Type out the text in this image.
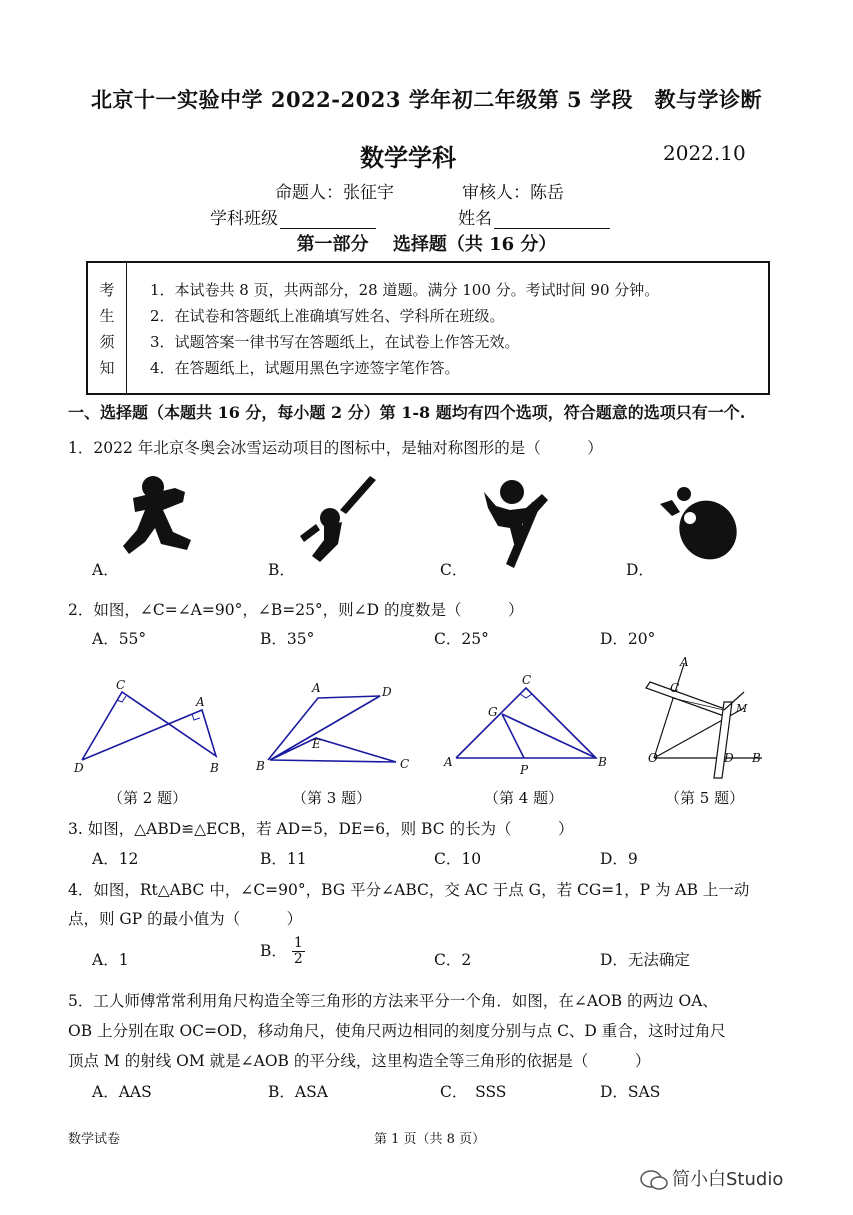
北京十一实验中学 2022-2023 学年初二年级第 5 学段　教与学诊断
数学学科	2022.10
命题人：张征宇	审核人：陈岳
学科班级	姓名
第一部分　 选择题（共 16 分）
考
生
须
知
1．本试卷共 8 页，共两部分，28 道题。满分 100 分。考试时间 90 分钟。
2．在试卷和答题纸上准确填写姓名、学科所在班级。
3．试题答案一律书写在答题纸上，在试卷上作答无效。
4．在答题纸上，试题用黑色字迹签字笔作答。
一、选择题（本题共 16 分，每小题 2 分）第 1-8 题均有四个选项，符合题意的选项只有一个.
1．2022 年北京冬奥会冰雪运动项目的图标中，是轴对称图形的是（　　　）
A．	B．	C．	D．
2．如图，∠C=∠A=90°，∠B=25°，则∠D 的度数是（　　　）
A．55°	B．35°	C．25°	D．20°
C
A
D	B
（第 2 题）
A	D
E
B	C
（第 3 题）
C
G
A
P
B
（第 4 题）
A
C
M
O	D B
（第 5 题）
3. 如图，△ABD≌△ECB，若 AD=5，DE=6，则 BC 的长为（　　　）
A．12	B．11	C．10	D．9
4．如图，Rt△ABC 中，∠C=90°，BG 平分∠ABC，交 AC 于点 G，若 CG=1，P 为 AB 上一动
点，则 GP 的最小值为（　　　）
A．1
B． $\frac{1}{2}$	C．2	D．无法确定
5．工人师傅常常利用角尺构造全等三角形的方法来平分一个角．如图，在∠AOB 的两边 OA、
OB 上分别在取 OC=OD，移动角尺，使角尺两边相同的刻度分别与点 C、D 重合，这时过角尺
顶点 M 的射线 OM 就是∠AOB 的平分线，这里构造全等三角形的依据是（　　　）
A．AAS	B．ASA	C．　SSS	D．SAS
数学试卷	第 1 页（共 8 页）
简小白Studio
